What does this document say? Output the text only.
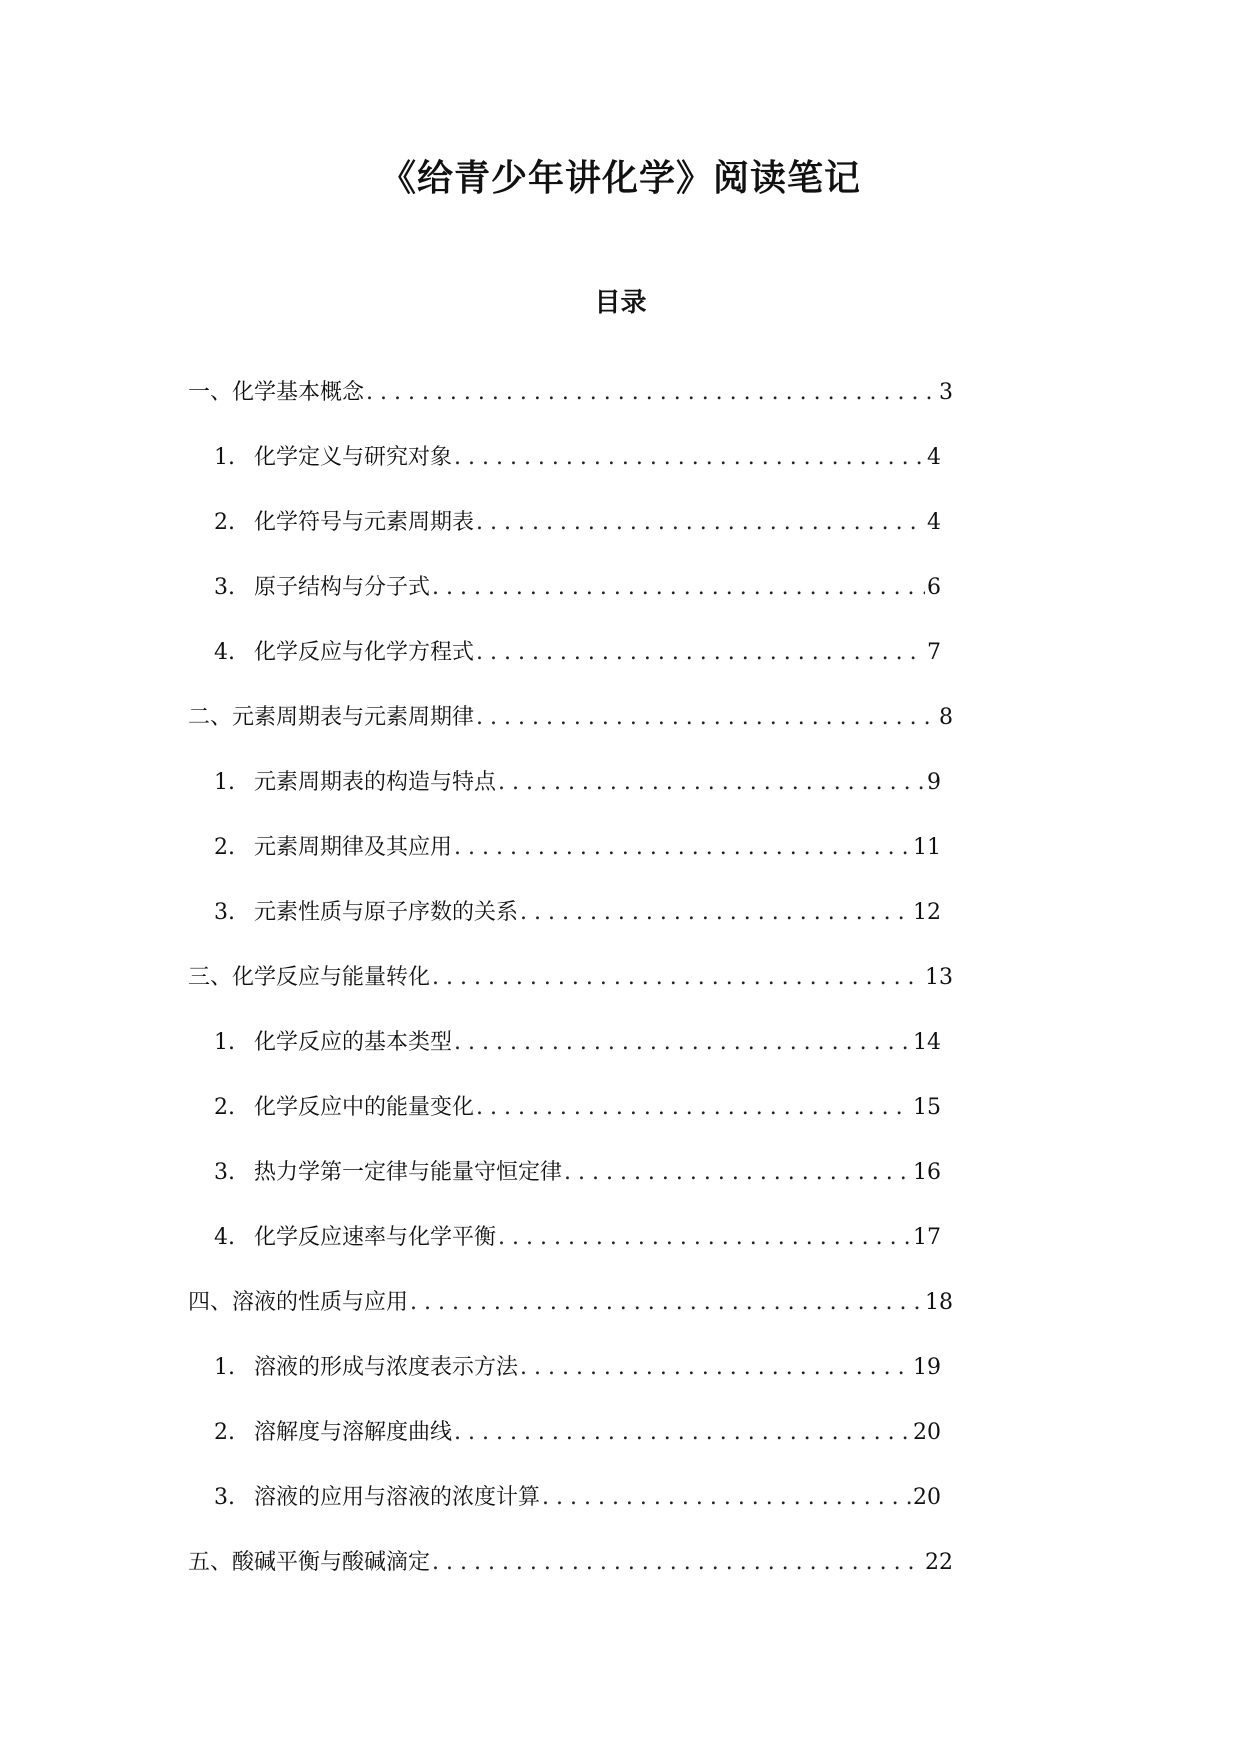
《给青少年讲化学》阅读笔记
目录
一、化学基本概念 . . .	3
1. 化学定义与研究对象 . . .	4
2. 化学符号与元素周期表 . . .	4
3. 原子结构与分子式 . . .	6
4. 化学反应与化学方程式 . . .	7
二、元素周期表与元素周期律 . . .	8
1. 元素周期表的构造与特点 . . .	9
2. 元素周期律及其应用 . . .	11
3. 元素性质与原子序数的关系 . . .	12
三、化学反应与能量转化 . . .	13
1. 化学反应的基本类型 . . .	14
2. 化学反应中的能量变化 . . .	15
3. 热力学第一定律与能量守恒定律 . . .	16
4. 化学反应速率与化学平衡 . . .	17
四、溶液的性质与应用 . . .	18
1. 溶液的形成与浓度表示方法 . . .	19
2. 溶解度与溶解度曲线 . . .	20
3. 溶液的应用与溶液的浓度计算 . . .	20
五、酸碱平衡与酸碱滴定 . . .	22
